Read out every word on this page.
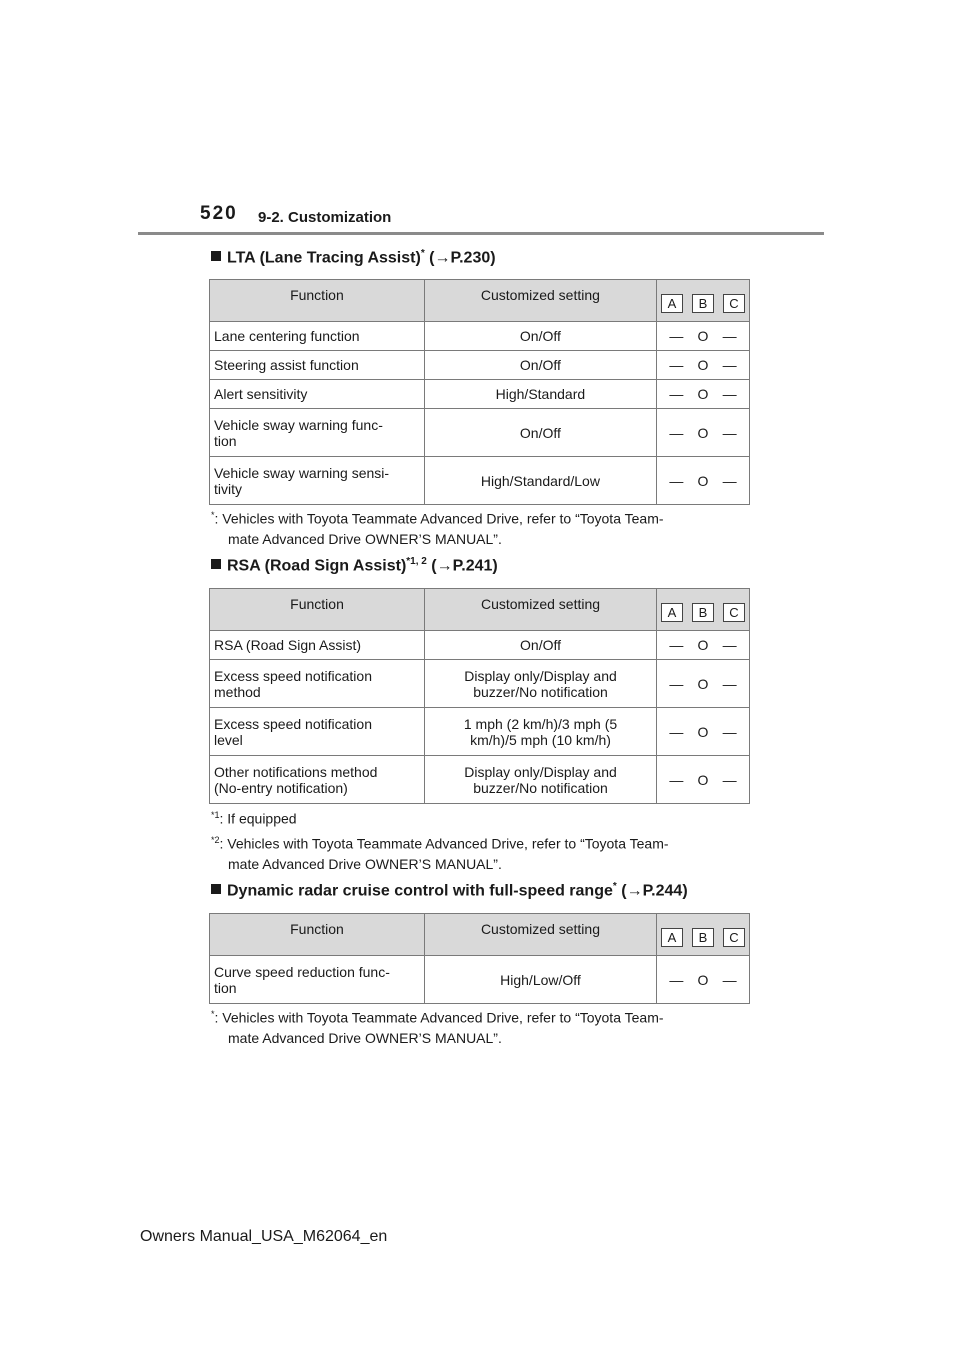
520 9-2. Customization
LTA (Lane Tracing Assist)* (→P.230)
Function	Customized setting	A B C

Lane centering function	On/Off	— O —

Steering assist function	On/Off	— O —

Alert sensitivity	High/Standard	— O —

Vehicle sway warning func-
tion	On/Off	— O —

Vehicle sway warning sensi-
tivity	High/Standard/Low	— O —
*: Vehicles with Toyota Teammate Advanced Drive, refer to “Toyota Team-
mate Advanced Drive OWNER’S MANUAL”.
RSA (Road Sign Assist)$^{*1, 2}$ (→P.241)
Function	Customized setting	A B C

RSA (Road Sign Assist)	On/Off	— O —

Excess speed notification
method	Display only/Display and
buzzer/No notification	— O —

Excess speed notification
level	1 mph (2 km/h)/3 mph (5
km/h)/5 mph (10 km/h)	— O —

Other notifications method
(No-entry notification)	Display only/Display and
buzzer/No notification	— O —
$^{*1}$: If equipped
$^{*2}$: Vehicles with Toyota Teammate Advanced Drive, refer to “Toyota Team-
mate Advanced Drive OWNER’S MANUAL”.
Dynamic radar cruise control with full-speed range* (→P.244)
Function	Customized setting	A B C

Curve speed reduction func-
tion	High/Low/Off	— O —
*: Vehicles with Toyota Teammate Advanced Drive, refer to “Toyota Team-
mate Advanced Drive OWNER’S MANUAL”.
Owners Manual_USA_M62064_en
